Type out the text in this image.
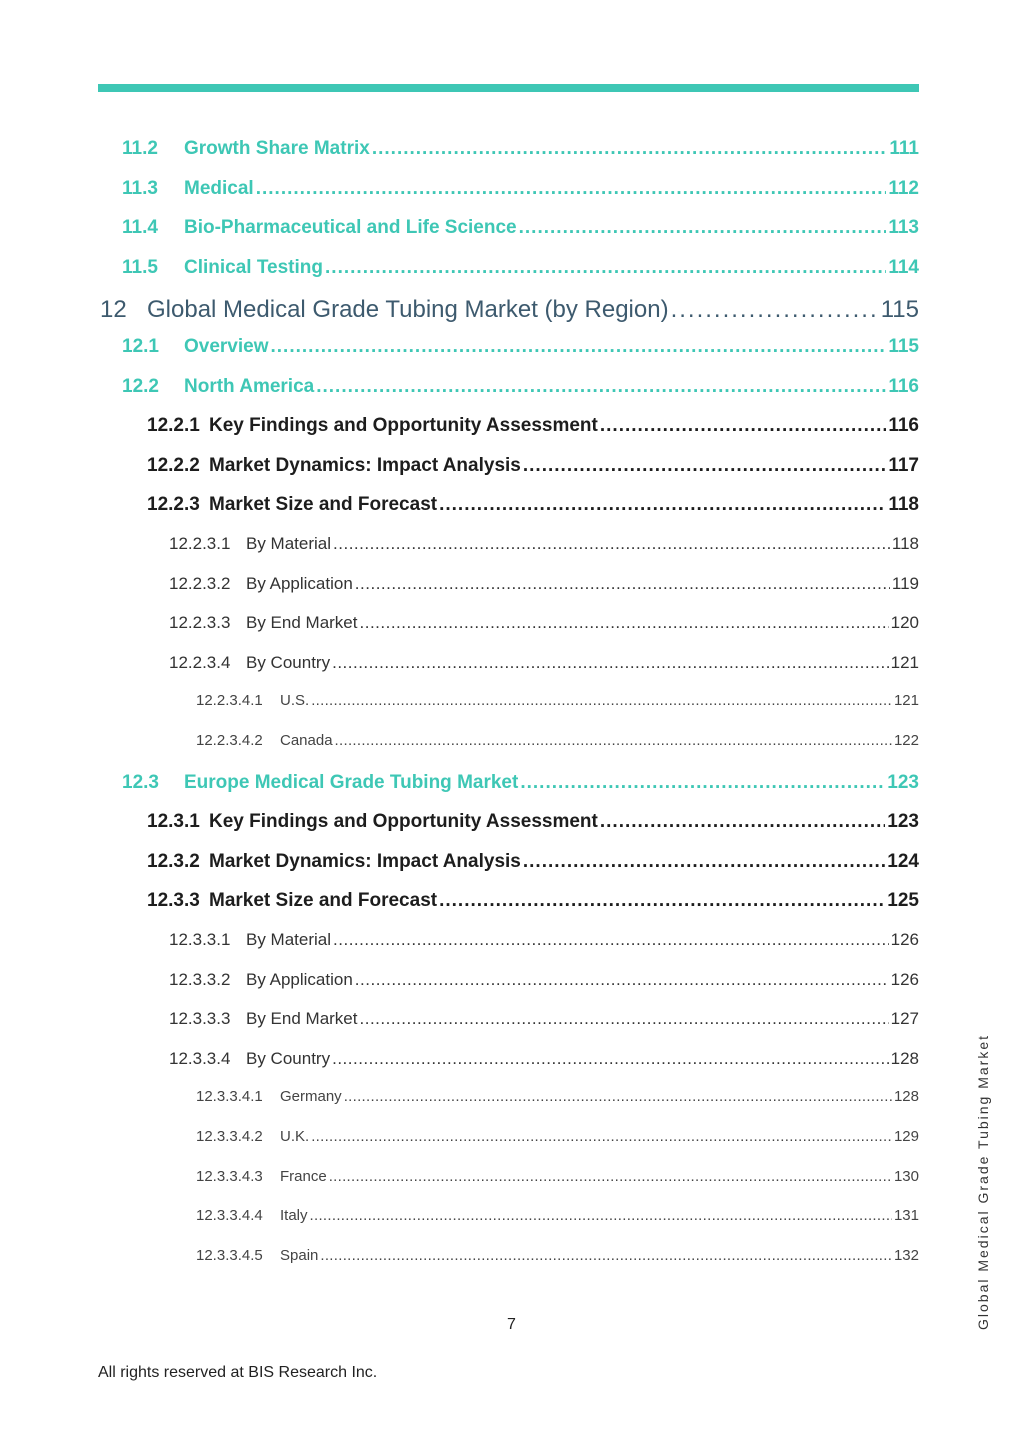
11.2	Growth Share Matrix .....	111
11.3	Medical .....	112
11.4	Bio-Pharmaceutical and Life Science .....	113
11.5	Clinical Testing .....	114
12 Global Medical Grade Tubing Market (by Region) .....	115
12.1	Overview .....	115
12.2	North America .....	116
12.2.1 Key Findings and Opportunity Assessment .....	116
12.2.2 Market Dynamics: Impact Analysis .....	117
12.2.3 Market Size and Forecast .....	118
12.2.3.1 By Material .....	118
12.2.3.2 By Application .....	119
12.2.3.3 By End Market .....	120
12.2.3.4 By Country .....	121
12.2.3.4.1	U.S. .....	121
12.2.3.4.2	Canada .....	122
12.3	Europe Medical Grade Tubing Market .....	123
12.3.1 Key Findings and Opportunity Assessment .....	123
12.3.2 Market Dynamics: Impact Analysis .....	124
12.3.3 Market Size and Forecast .....	125
12.3.3.1 By Material .....	126
12.3.3.2 By Application .....	126
12.3.3.3 By End Market .....	127
12.3.3.4 By Country .....	128
12.3.3.4.1	Germany .....	128
12.3.3.4.2	U.K. .....	129
12.3.3.4.3	France .....	130
12.3.3.4.4	Italy .....	131
12.3.3.4.5	Spain .....	132
7
All rights reserved at BIS Research Inc.
Global Medical Grade Tubing Market
